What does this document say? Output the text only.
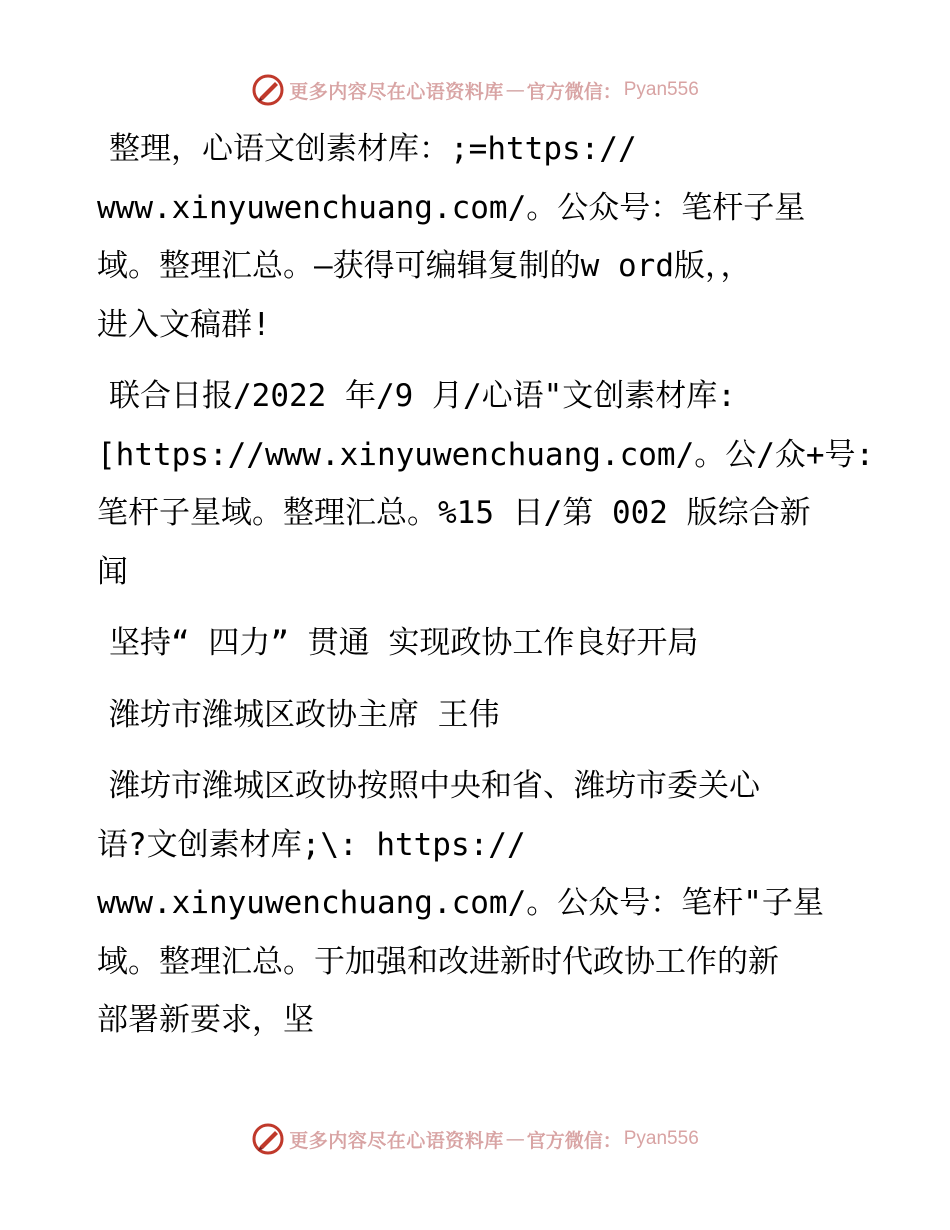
更多内容尽在心语资料库 — 官方微信： Pyan556
整理，心语文创素材库：;=https://
www.xinyuwenchuang.com/。公众号：笔杆子星
域。整理汇总。—获得可编辑复制的w ord版，，
进入文稿群!
联合日报/2022 年/9 月/心语"文创素材库:
[https://www.xinyuwenchuang.com/。公/众+号:
笔杆子星域。整理汇总。%15 日/第 002 版综合新
闻
坚持“ 四力” 贯通 实现政协工作良好开局
潍坊市潍城区政协主席 王伟
潍坊市潍城区政协按照中央和省、潍坊市委关心
语?文创素材库;\: https://
www.xinyuwenchuang.com/。公众号：笔杆"子星
域。整理汇总。于加强和改进新时代政协工作的新
部署新要求，坚
更多内容尽在心语资料库 — 官方微信： Pyan556
